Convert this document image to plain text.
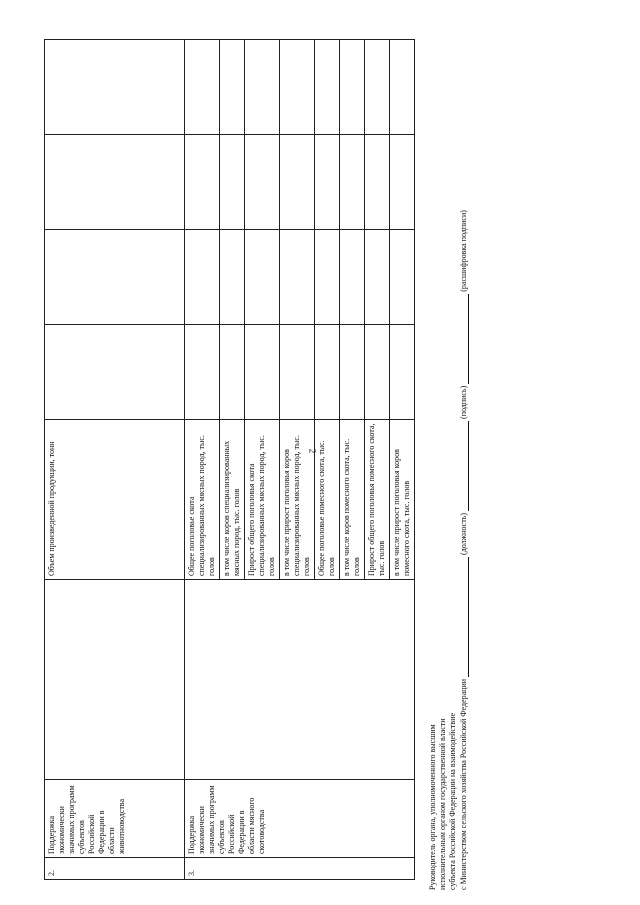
2
2.	Поддержка экономически значимых программ субъектов Российской Федерации в области животноводства		Объем произведенной продукции, тонн				
3.	Поддержка экономически значимых программ субъектов Российской Федерации в области мясного скотоводства		Общее поголовье скота специализированных мясных пород, тыс. голов				
			в том числе коров специализированных мясных пород, тыс. голов				
			Прирост общего поголовья скота специализированных мясных пород, тыс. голов				
			в том числе прирост поголовья коров специализированных мясных пород, тыс. голов				
			Общее поголовье помесного скота, тыс. голов				
			в том числе коров помесного скота, тыс. голов				
			Прирост общего поголовья помесного скота, тыс. голов				
			в том числе прирост поголовья коров помесного скота, тыс. голов				
Руководитель органа, уполномоченного высшим исполнительным органом государственной власти субъекта Российской Федерации на взаимодействие с Министерством сельского хозяйства Российской Федерации  (должность)  (подпись)  (расшифровка подписи)
